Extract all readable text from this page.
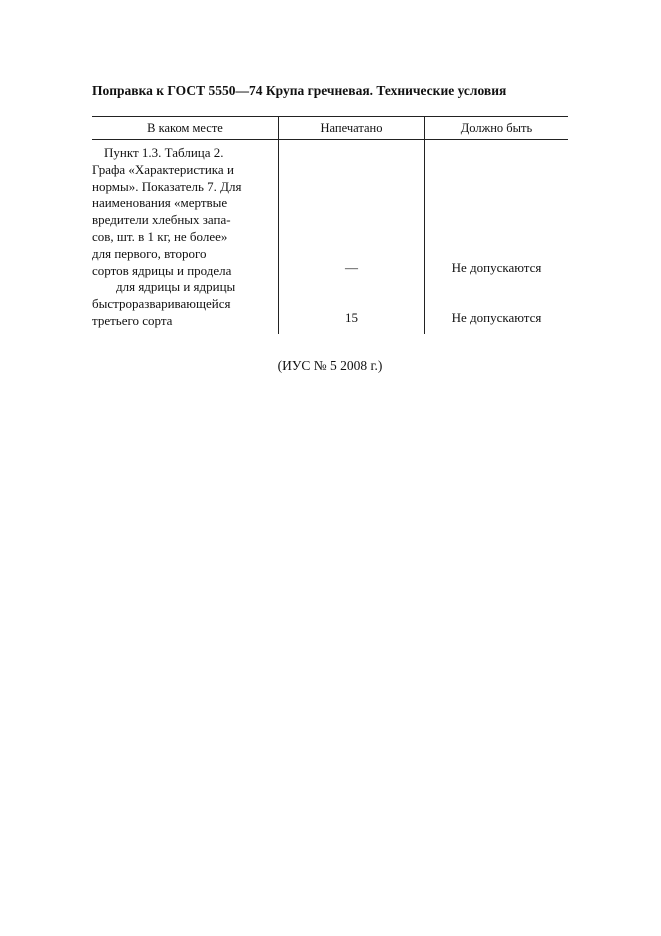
Поправка к ГОСТ 5550—74 Крупа гречневая. Технические условия
В каком месте	Напечатано	Должно быть
Пункт 1.3. Таблица 2.
Графа «Характеристика и
нормы». Показатель 7. Для
наименования «мертвые
вредители хлебных запа-
сов, шт. в 1 кг, не более»
для первого, второго
сортов ядрицы и продела
для ядрицы и ядрицы
быстроразваривающейся
третьего сорта
—
15
Не допускаются
Не допускаются
(ИУС № 5 2008 г.)
